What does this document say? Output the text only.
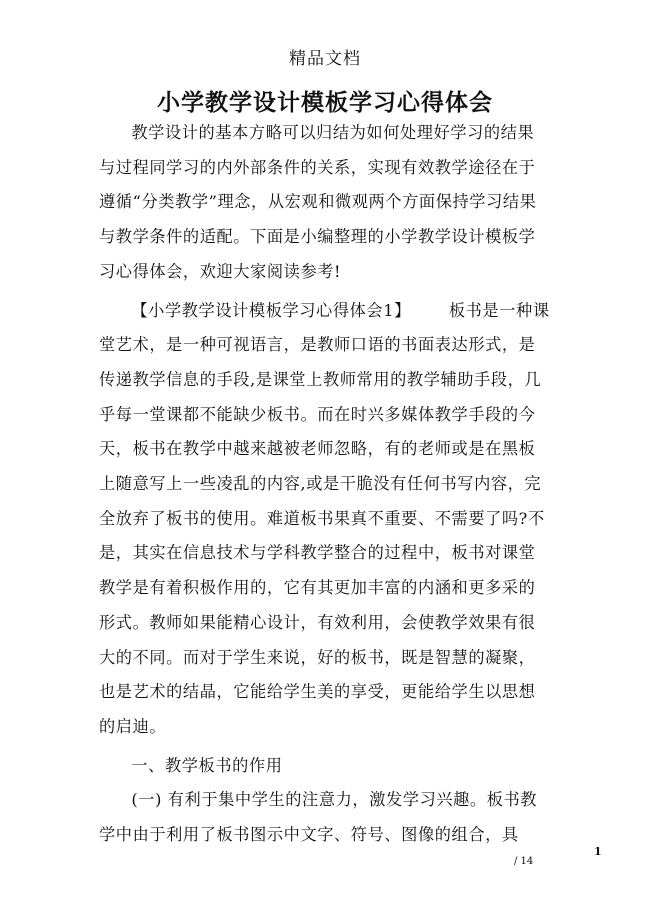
精品文档
小学教学设计模板学习心得体会

教学设计的基本方略可以归结为如何处理好学习的结果与过程同学习的内外部条件的关系，实现有效教学途径在于遵循“分类教学”理念，从宏观和微观两个方面保持学习结果与教学条件的适配。下面是小编整理的小学教学设计模板学习心得体会，欢迎大家阅读参考!

【小学教学设计模板学习心得体会1】 板书是一种课堂艺术，是一种可视语言，是教师口语的书面表达形式，是传递教学信息的手段,是课堂上教师常用的教学辅助手段，几乎每一堂课都不能缺少板书。而在时兴多媒体教学手段的今天，板书在教学中越来越被老师忽略，有的老师或是在黑板上随意写上一些凌乱的内容,或是干脆没有任何书写内容，完全放弃了板书的使用。难道板书果真不重要、不需要了吗?不是，其实在信息技术与学科教学整合的过程中，板书对课堂教学是有着积极作用的，它有其更加丰富的内涵和更多采的形式。教师如果能精心设计，有效利用，会使教学效果有很大的不同。而对于学生来说，好的板书，既是智慧的凝聚，也是艺术的结晶，它能给学生美的享受，更能给学生以思想的启迪。

一、教学板书的作用

(一) 有利于集中学生的注意力，激发学习兴趣。板书教学中由于利用了板书图示中文字、符号、图像的组合，具

1
/ 14
